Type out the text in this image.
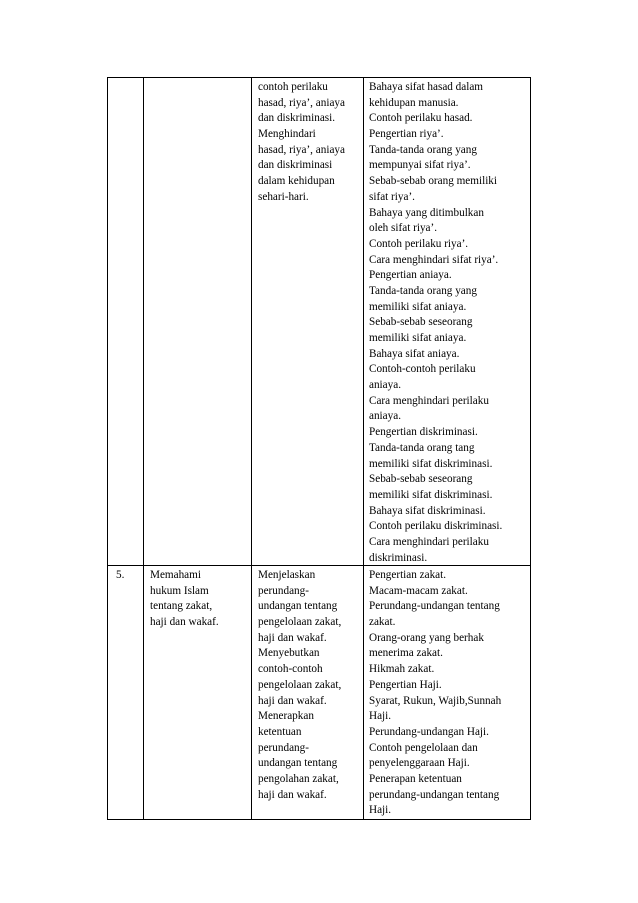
contoh perilaku
hasad, riya’, aniaya
dan diskriminasi.
Menghindari
hasad, riya’, aniaya
dan diskriminasi
dalam kehidupan
sehari-hari.
Bahaya sifat hasad dalam
kehidupan manusia.
Contoh perilaku hasad.
Pengertian riya’.
Tanda-tanda orang yang
mempunyai sifat riya’.
Sebab-sebab orang memiliki
sifat riya’.
Bahaya yang ditimbulkan
oleh sifat riya’.
Contoh perilaku riya’.
Cara menghindari sifat riya’.
Pengertian aniaya.
Tanda-tanda orang yang
memiliki sifat aniaya.
Sebab-sebab seseorang
memiliki sifat aniaya.
Bahaya sifat aniaya.
Contoh-contoh perilaku
aniaya.
Cara menghindari perilaku
aniaya.
Pengertian diskriminasi.
Tanda-tanda orang tang
memiliki sifat diskriminasi.
Sebab-sebab seseorang
memiliki sifat diskriminasi.
Bahaya sifat diskriminasi.
Contoh perilaku diskriminasi.
Cara menghindari perilaku
diskriminasi.
5. Memahami
hukum Islam
tentang zakat,
haji dan wakaf.
Menjelaskan
perundang-
undangan tentang
pengelolaan zakat,
haji dan wakaf.
Menyebutkan
contoh-contoh
pengelolaan zakat,
haji dan wakaf.
Menerapkan
ketentuan
perundang-
undangan tentang
pengolahan zakat,
haji dan wakaf.
Pengertian zakat.
Macam-macam zakat.
Perundang-undangan tentang
zakat.
Orang-orang yang berhak
menerima zakat.
Hikmah zakat.
Pengertian Haji.
Syarat, Rukun, Wajib,Sunnah
Haji.
Perundang-undangan Haji.
Contoh pengelolaan dan
penyelenggaraan Haji.
Penerapan ketentuan
perundang-undangan tentang
Haji.
